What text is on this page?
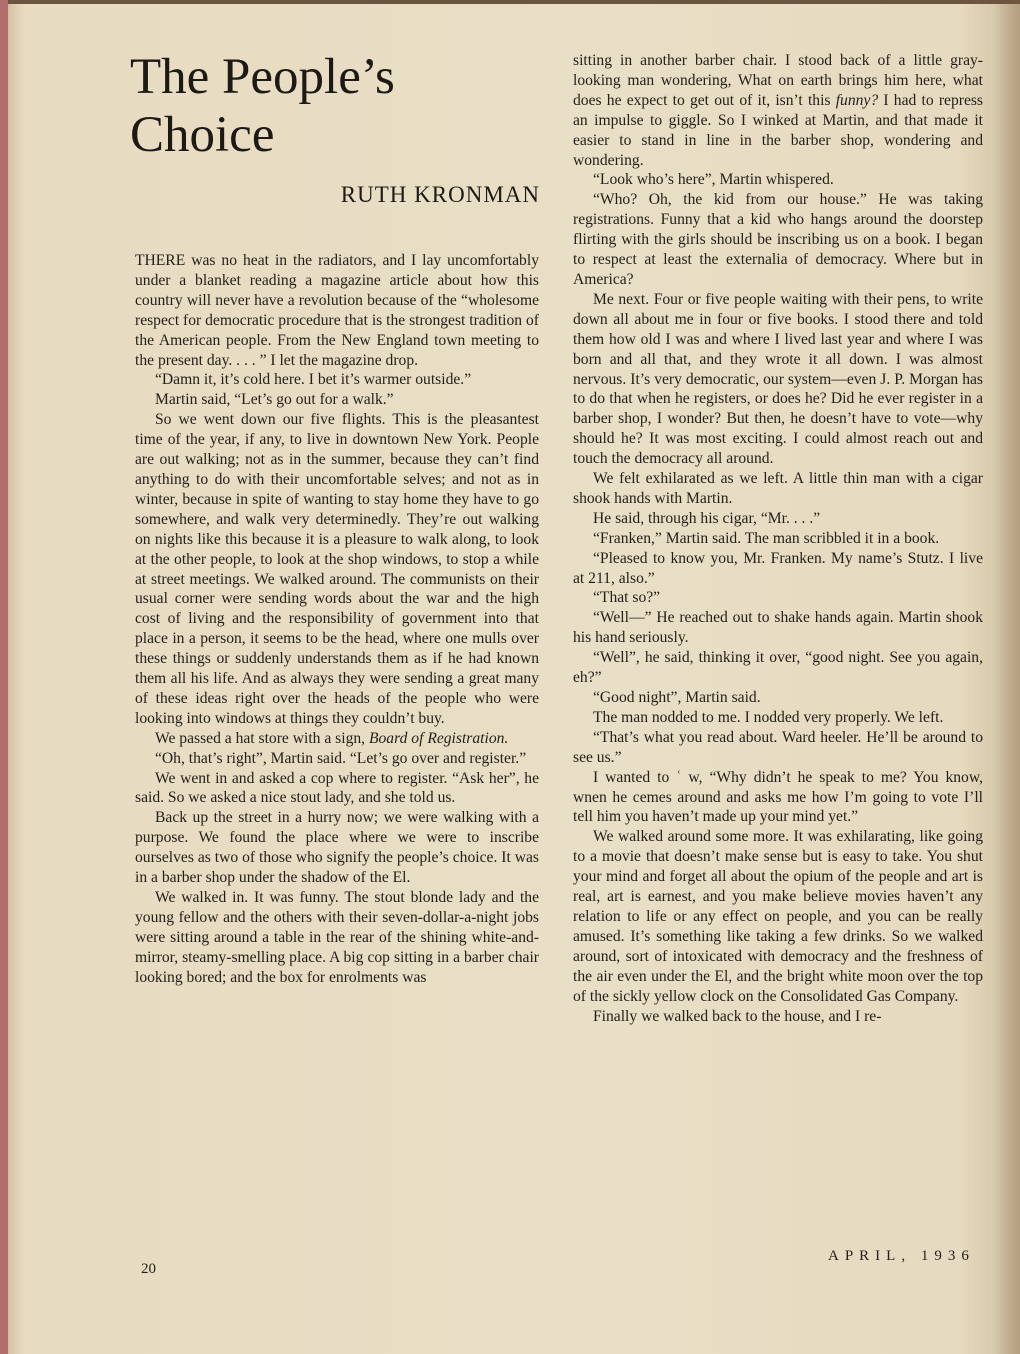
The People’s
Choice
RUTH KRONMAN

THERE was no heat in the radiators, and I lay uncomfortably under a blanket reading a magazine article about how this country will never have a revolution because of the “wholesome respect for democratic procedure that is the strongest tradition of the American people. From the New England town meeting to the present day. . . . ” I let the magazine drop.

“Damn it, it’s cold here. I bet it’s warmer outside.”

Martin said, “Let’s go out for a walk.”

So we went down our five flights. This is the pleasantest time of the year, if any, to live in downtown New York. People are out walking; not as in the summer, because they can’t find anything to do with their uncomfortable selves; and not as in winter, because in spite of wanting to stay home they have to go somewhere, and walk very determinedly. They’re out walking on nights like this because it is a pleasure to walk along, to look at the other people, to look at the shop windows, to stop a while at street meetings. We walked around. The communists on their usual corner were sending words about the war and the high cost of living and the responsibility of government into that place in a person, it seems to be the head, where one mulls over these things or suddenly understands them as if he had known them all his life. And as always they were sending a great many of these ideas right over the heads of the people who were looking into windows at things they couldn’t buy.

We passed a hat store with a sign, Board of Registration.

“Oh, that’s right”, Martin said. “Let’s go over and register.”

We went in and asked a cop where to register. “Ask her”, he said. So we asked a nice stout lady, and she told us.

Back up the street in a hurry now; we were walking with a purpose. We found the place where we were to inscribe ourselves as two of those who signify the people’s choice. It was in a barber shop under the shadow of the El.

We walked in. It was funny. The stout blonde lady and the young fellow and the others with their seven-dollar-a-night jobs were sitting around a table in the rear of the shining white-and-mirror, steamy-smelling place. A big cop sitting in a barber chair looking bored; and the box for enrolments was

sitting in another barber chair. I stood back of a little gray-looking man wondering, What on earth brings him here, what does he expect to get out of it, isn’t this funny? I had to repress an impulse to giggle. So I winked at Martin, and that made it easier to stand in line in the barber shop, wondering and wondering.

“Look who’s here”, Martin whispered.

“Who? Oh, the kid from our house.” He was taking registrations. Funny that a kid who hangs around the doorstep flirting with the girls should be inscribing us on a book. I began to respect at least the externalia of democracy. Where but in America?

Me next. Four or five people waiting with their pens, to write down all about me in four or five books. I stood there and told them how old I was and where I lived last year and where I was born and all that, and they wrote it all down. I was almost nervous. It’s very democratic, our system—even J. P. Morgan has to do that when he registers, or does he? Did he ever register in a barber shop, I wonder? But then, he doesn’t have to vote—why should he? It was most exciting. I could almost reach out and touch the democracy all around.

We felt exhilarated as we left. A little thin man with a cigar shook hands with Martin.

He said, through his cigar, “Mr. . . .”

“Franken,” Martin said. The man scribbled it in a book.

“Pleased to know you, Mr. Franken. My name’s Stutz. I live at 211, also.”

“That so?”

“Well—” He reached out to shake hands again. Martin shook his hand seriously.

“Well”, he said, thinking it over, “good night. See you again, eh?”

“Good night”, Martin said.

The man nodded to me. I nodded very properly. We left.

“That’s what you read about. Ward heeler. He’ll be around to see us.”

I wanted to ʿ w, “Why didn’t he speak to me? You know, wnen he cemes around and asks me how I’m going to vote I’ll tell him you haven’t made up your mind yet.”

We walked around some more. It was exhilarating, like going to a movie that doesn’t make sense but is easy to take. You shut your mind and forget all about the opium of the people and art is real, art is earnest, and you make believe movies haven’t any relation to life or any effect on people, and you can be really amused. It’s something like taking a few drinks. So we walked around, sort of intoxicated with democracy and the freshness of the air even under the El, and the bright white moon over the top of the sickly yellow clock on the Consolidated Gas Company.

Finally we walked back to the house, and I re-

20
APRIL, 1936
